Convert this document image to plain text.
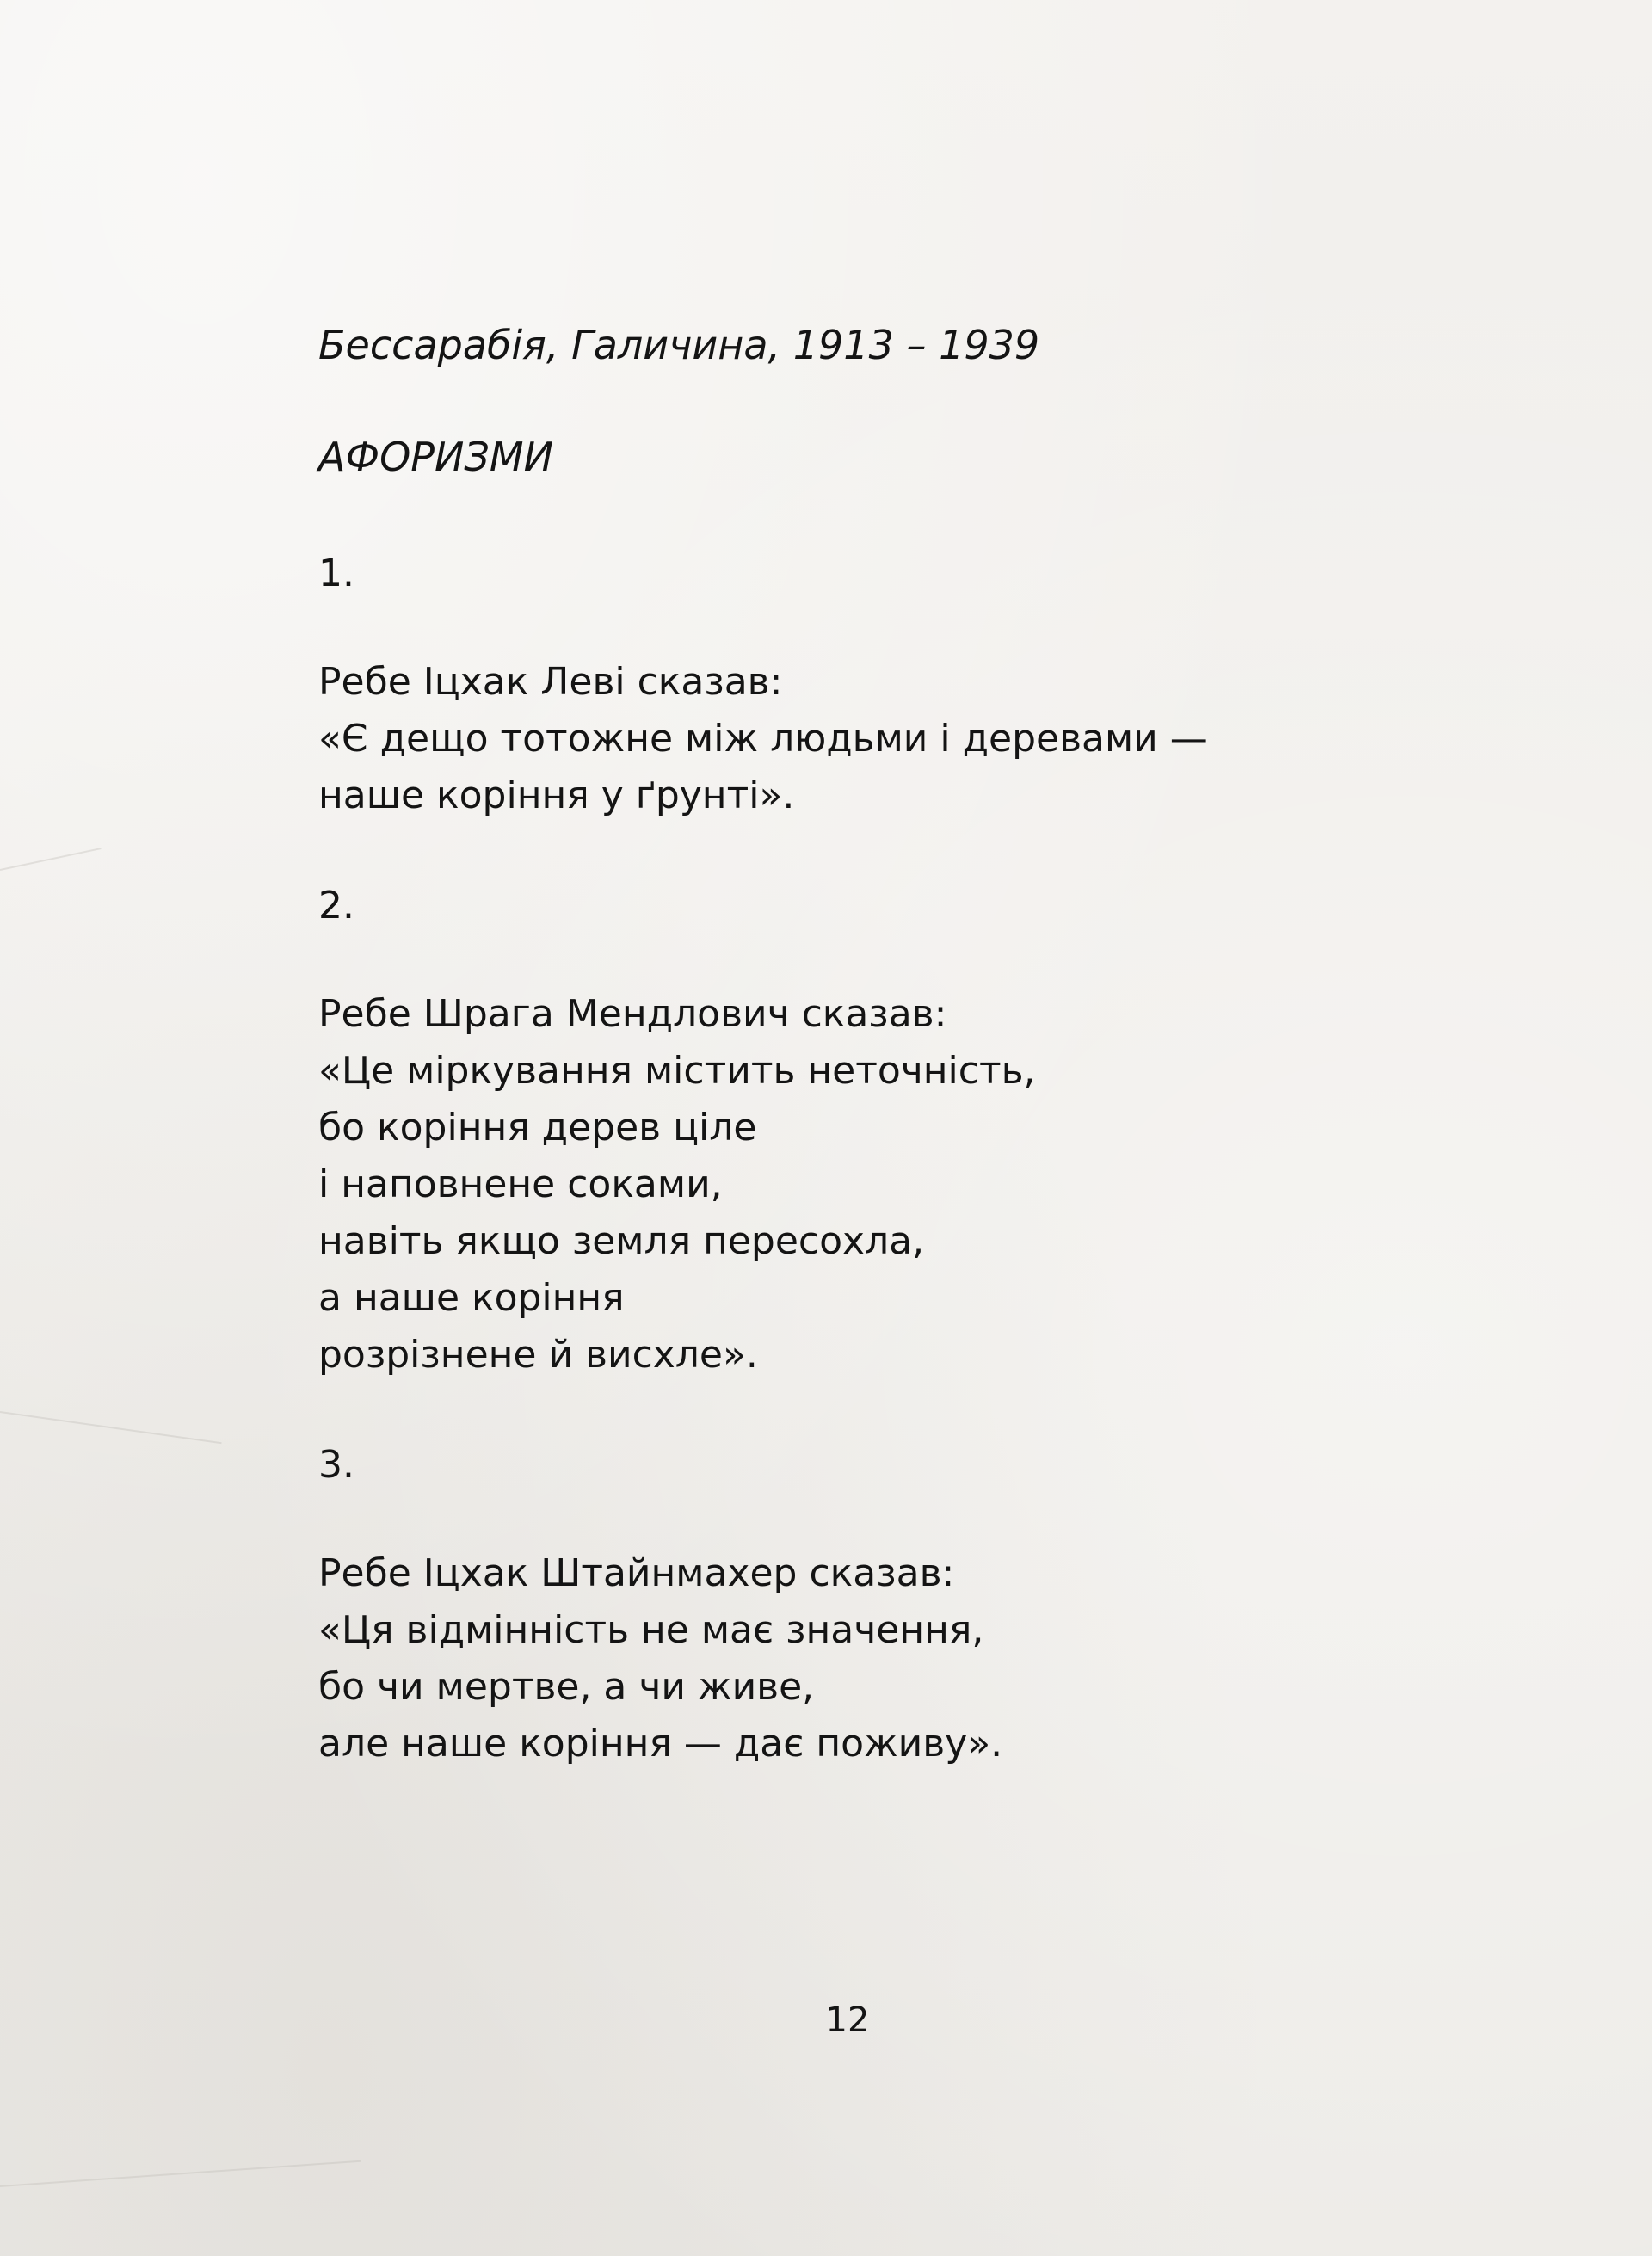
Бессарабія, Галичина, 1913 – 1939
АФОРИЗМИ
1.
Ребе Іцхак Леві сказав:
«Є дещо тотожне між людьми і деревами —
наше коріння у ґрунті».
2.
Ребе Шрага Мендлович сказав:
«Це міркування містить неточність,
бо коріння дерев ціле
і наповнене соками,
навіть якщо земля пересохла,
а наше коріння
розрізнене й висхле».
3.
Ребе Іцхак Штайнмахер сказав:
«Ця відмінність не має значення,
бо чи мертве, а чи живе,
але наше коріння — дає поживу».
12
